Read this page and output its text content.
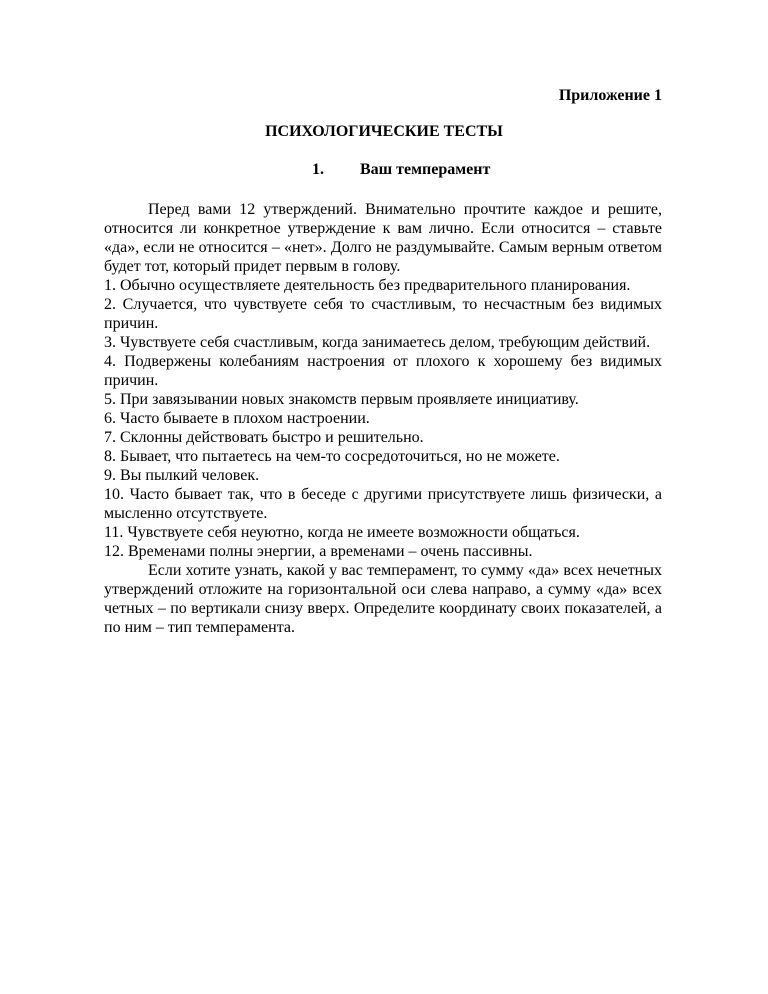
Приложение 1
ПСИХОЛОГИЧЕСКИЕ ТЕСТЫ
1. Ваш темперамент

Перед вами 12 утверждений. Внимательно прочтите каждое и решите, относится ли конкретное утверждение к вам лично. Если относится – ставьте «да», если не относится – «нет». Долго не раздумывайте. Самым верным ответом будет тот, который придет первым в голову.

1. Обычно осуществляете деятельность без предварительного планирования.

2. Случается, что чувствуете себя то счастливым, то несчастным без видимых причин.

3. Чувствуете себя счастливым, когда занимаетесь делом, требующим действий.

4. Подвержены колебаниям настроения от плохого к хорошему без видимых причин.

5. При завязывании новых знакомств первым проявляете инициативу.

6. Часто бываете в плохом настроении.

7. Склонны действовать быстро и решительно.

8. Бывает, что пытаетесь на чем-то сосредоточиться, но не можете.

9. Вы пылкий человек.

10. Часто бывает так, что в беседе с другими присутствуете лишь физически, а мысленно отсутствуете.

11. Чувствуете себя неуютно, когда не имеете возможности общаться.

12. Временами полны энергии, а временами – очень пассивны.

Если хотите узнать, какой у вас темперамент, то сумму «да» всех нечетных утверждений отложите на горизонтальной оси слева направо, а сумму «да» всех четных – по вертикали снизу вверх. Определите координату своих показателей, а по ним – тип темперамента.
